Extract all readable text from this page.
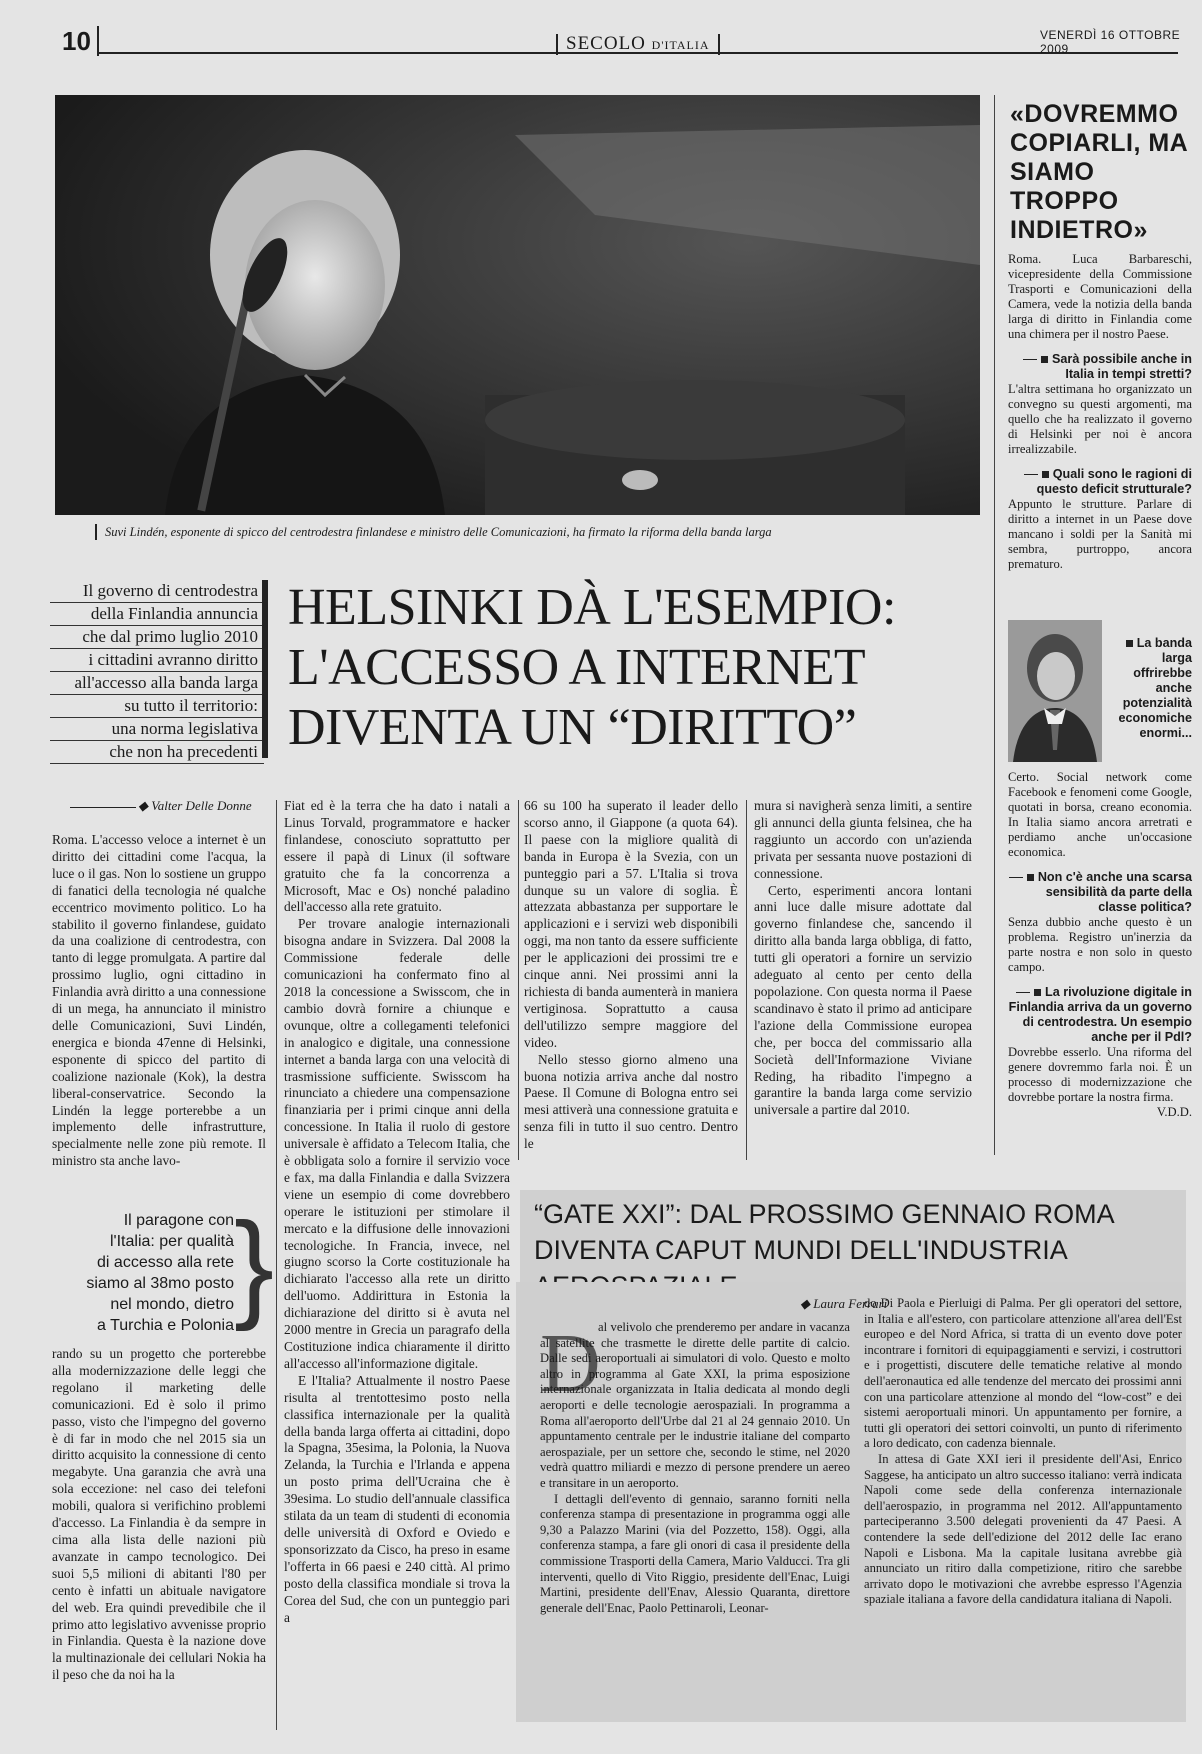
10	SECOLO D'ITALIA
VENERDÌ 16 OTTOBRE 2009
Suvi Lindén, esponente di spicco del centrodestra finlandese e ministro delle Comunicazioni, ha firmato la riforma della banda larga
Il governo di centrodestra
della Finlandia annuncia
che dal primo luglio 2010
i cittadini avranno diritto
all'accesso alla banda larga
su tutto il territorio:
una norma legislativa
che non ha precedenti
HELSINKI DÀ L'ESEMPIO:
L'ACCESSO A INTERNET
DIVENTA UN “DIRITTO”
◆ Valter Delle Donne

Roma. L'accesso veloce a internet è un diritto dei cittadini come l'acqua, la luce o il gas. Non lo sostiene un gruppo di fanatici della tecnologia né qualche eccentrico movimento politico. Lo ha stabilito il governo finlandese, guidato da una coalizione di centrodestra, con tanto di legge promulgata. A partire dal prossimo luglio, ogni cittadino in Finlandia avrà diritto a una connessione di un mega, ha annunciato il ministro delle Comunicazioni, Suvi Lindén, energica e bionda 47enne di Helsinki, esponente di spicco del partito di coalizione nazionale (Kok), la destra liberal-conservatrice. Secondo la Lindén la legge porterebbe a un implemento delle infrastrutture, specialmente nelle zone più remote. Il ministro sta anche lavo-

Il paragone con
l'Italia: per qualità
di accesso alla rete
siamo al 38mo posto
nel mondo, dietro
a Turchia e Polonia }

rando su un progetto che porterebbe alla modernizzazione delle leggi che regolano il marketing delle comunicazioni. Ed è solo il primo passo, visto che l'impegno del governo è di far in modo che nel 2015 sia un diritto acquisito la connessione di cento megabyte. Una garanzia che avrà una sola eccezione: nel caso dei telefoni mobili, qualora si verifichino problemi d'accesso. La Finlandia è da sempre in cima alla lista delle nazioni più avanzate in campo tecnologico. Dei suoi 5,5 milioni di abitanti l'80 per cento è infatti un abituale navigatore del web. Era quindi prevedibile che il primo atto legislativo avvenisse proprio in Finlandia. Questa è la nazione dove la multinazionale dei cellulari Nokia ha il peso che da noi ha la

Fiat ed è la terra che ha dato i natali a Linus Torvald, programmatore e hacker finlandese, conosciuto soprattutto per essere il papà di Linux (il software gratuito che fa la concorrenza a Microsoft, Mac e Os) nonché paladino dell'accesso alla rete gratuito.

Per trovare analogie internazionali bisogna andare in Svizzera. Dal 2008 la Commissione federale delle comunicazioni ha confermato fino al 2018 la concessione a Swisscom, che in cambio dovrà fornire a chiunque e ovunque, oltre a collegamenti telefonici in analogico e digitale, una connessione internet a banda larga con una velocità di trasmissione sufficiente. Swisscom ha rinunciato a chiedere una compensazione finanziaria per i primi cinque anni della concessione. In Italia il ruolo di gestore universale è affidato a Telecom Italia, che è obbligata solo a fornire il servizio voce e fax, ma dalla Finlandia e dalla Svizzera viene un esempio di come dovrebbero operare le istituzioni per stimolare il mercato e la diffusione delle innovazioni tecnologiche. In Francia, invece, nel giugno scorso la Corte costituzionale ha dichiarato l'accesso alla rete un diritto dell'uomo. Addirittura in Estonia la dichiarazione del diritto si è avuta nel 2000 mentre in Grecia un paragrafo della Costituzione indica chiaramente il diritto all'accesso all'informazione digitale.

E l'Italia? Attualmente il nostro Paese risulta al trentottesimo posto nella classifica internazionale per la qualità della banda larga offerta ai cittadini, dopo la Spagna, 35esima, la Polonia, la Nuova Zelanda, la Turchia e l'Irlanda e appena un posto prima dell'Ucraina che è 39esima. Lo studio dell'annuale classifica stilata da un team di studenti di economia delle università di Oxford e Oviedo e sponsorizzato da Cisco, ha preso in esame l'offerta in 66 paesi e 240 città. Al primo posto della classifica mondiale si trova la Corea del Sud, che con un punteggio pari a

66 su 100 ha superato il leader dello scorso anno, il Giappone (a quota 64). Il paese con la migliore qualità di banda in Europa è la Svezia, con un punteggio pari a 57. L'Italia si trova dunque su un valore di soglia. È attezzata abbastanza per supportare le applicazioni e i servizi web disponibili oggi, ma non tanto da essere sufficiente per le applicazioni dei prossimi tre e cinque anni. Nei prossimi anni la richiesta di banda aumenterà in maniera vertiginosa. Soprattutto a causa dell'utilizzo sempre maggiore del video.

Nello stesso giorno almeno una buona notizia arriva anche dal nostro Paese. Il Comune di Bologna entro sei mesi attiverà una connessione gratuita e senza fili in tutto il suo centro. Dentro le

mura si navigherà senza limiti, a sentire gli annunci della giunta felsinea, che ha raggiunto un accordo con un'azienda privata per sessanta nuove postazioni di connessione.

Certo, esperimenti ancora lontani anni luce dalle misure adottate dal governo finlandese che, sancendo il diritto alla banda larga obbliga, di fatto, tutti gli operatori a fornire un servizio adeguato al cento per cento della popolazione. Con questa norma il Paese scandinavo è stato il primo ad anticipare l'azione della Commissione europea che, per bocca del commissario alla Società dell'Informazione Viviane Reding, ha ribadito l'impegno a garantire la banda larga come servizio universale a partire dal 2010.

«DOVREMMO COPIARLI, MA SIAMO TROPPO INDIETRO»

Roma. Luca Barbareschi, vicepresidente della Commissione Trasporti e Comunicazioni della Camera, vede la notizia della banda larga di diritto in Finlandia come una chimera per il nostro Paese.

Sarà possibile anche in Italia in tempi stretti?

L'altra settimana ho organizzato un convegno su questi argomenti, ma quello che ha realizzato il governo di Helsinki per noi è ancora irrealizzabile.

Quali sono le ragioni di questo deficit strutturale?

Appunto le strutture. Parlare di diritto a internet in un Paese dove mancano i soldi per la Sanità mi sembra, purtroppo, ancora prematuro.

La banda larga offrirebbe anche potenzialità economiche enormi...

Certo. Social network come Facebook e fenomeni come Google, quotati in borsa, creano economia. In Italia siamo ancora arretrati e perdiamo anche un'occasione economica.

Non c'è anche una scarsa sensibilità da parte della classe politica?

Senza dubbio anche questo è un problema. Registro un'inerzia da parte nostra e non solo in questo campo.

La rivoluzione digitale in Finlandia arriva da un governo di centrodestra. Un esempio anche per il Pdl?

Dovrebbe esserlo. Una riforma del genere dovremmo farla noi. È un processo di modernizzazione che dovrebbe portare la nostra firma.

V.D.D.

“GATE XXI”: DAL PROSSIMO GENNAIO ROMA DIVENTA CAPUT MUNDI DELL'INDUSTRIA
◆ Laura Ferrari
D

al velivolo che prenderemo per andare in vacanza al satellite che trasmette le dirette delle partite di calcio. Dalle sedi aeroportuali ai simulatori di volo. Questo e molto altro in programma al Gate XXI, la prima esposizione internazionale organizzata in Italia dedicata al mondo degli aeroporti e delle tecnologie aerospaziali. In programma a Roma all'aeroporto dell'Urbe dal 21 al 24 gennaio 2010. Un appuntamento centrale per le industrie italiane del comparto aerospaziale, per un settore che, secondo le stime, nel 2020 vedrà quattro miliardi e mezzo di persone prendere un aereo e transitare in un aeroporto.

I dettagli dell'evento di gennaio, saranno forniti nella conferenza stampa di presentazione in programma oggi alle 9,30 a Palazzo Marini (via del Pozzetto, 158). Oggi, alla conferenza stampa, a fare gli onori di casa il presidente della commissione Trasporti della Camera, Mario Valducci. Tra gli interventi, quello di Vito Riggio, presidente dell'Enac, Luigi Martini, presidente dell'Enav, Alessio Quaranta, direttore generale dell'Enac, Paolo Pettinaroli, Leonar-

do Di Paola e Pierluigi di Palma. Per gli operatori del settore, in Italia e all'estero, con particolare attenzione all'area dell'Est europeo e del Nord Africa, si tratta di un evento dove poter incontrare i fornitori di equipaggiamenti e servizi, i costruttori e i progettisti, discutere delle tematiche relative al mondo dell'aeronautica ed alle tendenze del mercato dei prossimi anni con una particolare attenzione al mondo del “low-cost” e dei sistemi aeroportuali minori. Un appuntamento per fornire, a tutti gli operatori dei settori coinvolti, un punto di riferimento a loro dedicato, con cadenza biennale.

In attesa di Gate XXI ieri il presidente dell'Asi, Enrico Saggese, ha anticipato un altro successo italiano: verrà indicata Napoli come sede della conferenza internazionale dell'aerospazio, in programma nel 2012. All'appuntamento parteciperanno 3.500 delegati provenienti da 47 Paesi. A contendere la sede dell'edizione del 2012 delle Iac erano Napoli e Lisbona. Ma la capitale lusitana avrebbe già annunciato un ritiro dalla competizione, ritiro che sarebbe arrivato dopo le motivazioni che avrebbe espresso l'Agenzia spaziale italiana a favore della candidatura italiana di Napoli.
